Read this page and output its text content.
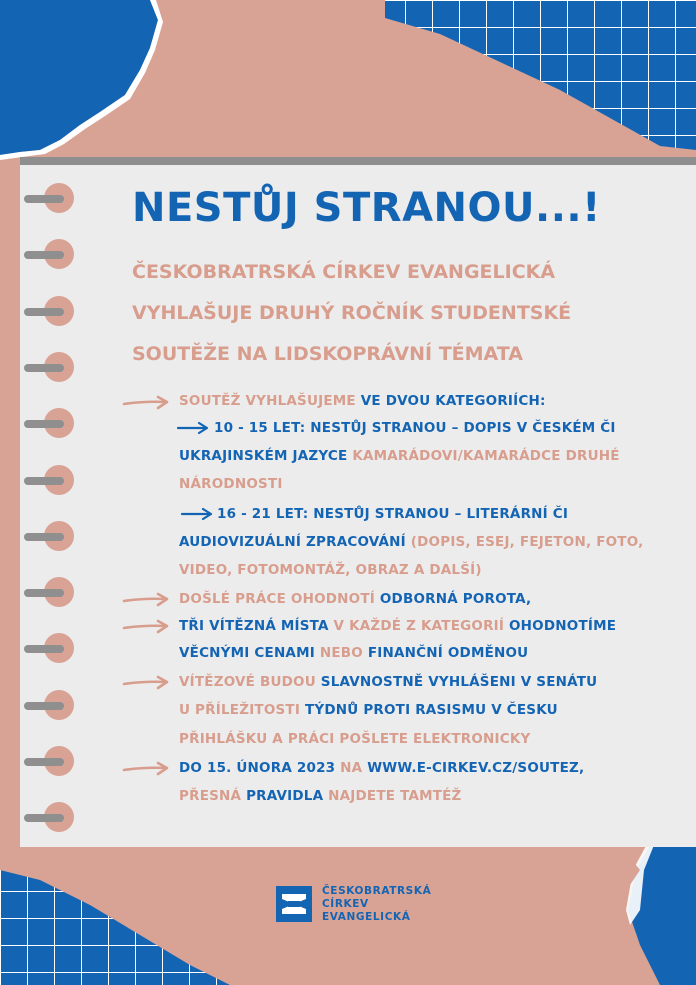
NESTŮJ STRANOU...!
ČESKOBRATRSKÁ CÍRKEV EVANGELICKÁ
VYHLAŠUJE DRUHÝ ROČNÍK STUDENTSKÉ
SOUTĚŽE NA LIDSKOPRÁVNÍ TÉMATA
SOUTĚŽ VYHLAŠUJEME VE DVOU KATEGORIÍCH:
10 - 15 LET: NESTŮJ STRANOU – DOPIS V ČESKÉM ČI
UKRAJINSKÉM JAZYCE KAMARÁDOVI/KAMARÁDCE DRUHÉ
NÁRODNOSTI
16 - 21 LET: NESTŮJ STRANOU – LITERÁRNÍ ČI
AUDIOVIZUÁLNÍ ZPRACOVÁNÍ (DOPIS, ESEJ, FEJETON, FOTO,
VIDEO, FOTOMONTÁŽ, OBRAZ A DALŠÍ)
DOŠLÉ PRÁCE OHODNOTÍ ODBORNÁ POROTA,
TŘI VÍTĚZNÁ MÍSTA V KAŽDÉ Z KATEGORIÍ OHODNOTÍME
VĚCNÝMI CENAMI NEBO FINANČNÍ ODMĚNOU
VÍTĚZOVÉ BUDOU SLAVNOSTNĚ VYHLÁŠENI V SENÁTU
U PŘÍLEŽITOSTI TÝDNŮ PROTI RASISMU V ČESKU
PŘIHLÁŠKU A PRÁCI POŠLETE ELEKTRONICKY
DO 15. ÚNORA 2023 NA WWW.E-CIRKEV.CZ/SOUTEZ,
PŘESNÁ PRAVIDLA NAJDETE TAMTÉŽ
ČESKOBRATRSKÁ
CÍRKEV
EVANGELICKÁ
